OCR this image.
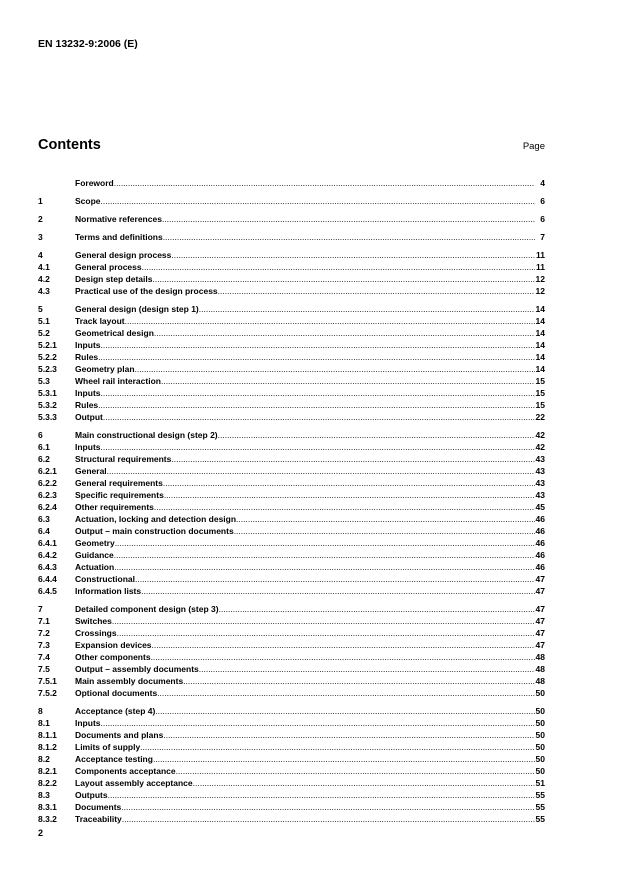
EN 13232-9:2006 (E)
Contents	Page
Foreword .....	4
1	Scope .....	6
2	Normative references .....	6
3	Terms and definitions .....	7
4	General design process .....	11
4.1	General process .....	11
4.2	Design step details .....	12
4.3	Practical use of the design process .....	12
5	General design (design step 1) .....	14
5.1	Track layout .....	14
5.2	Geometrical design .....	14
5.2.1	Inputs .....	14
5.2.2	Rules .....	14
5.2.3	Geometry plan .....	14
5.3	Wheel rail interaction .....	15
5.3.1	Inputs .....	15
5.3.2	Rules .....	15
5.3.3	Output .....	22
6	Main constructional design (step 2) .....	42
6.1	Inputs .....	42
6.2	Structural requirements .....	43
6.2.1	General .....	43
6.2.2	General requirements .....	43
6.2.3	Specific requirements .....	43
6.2.4	Other requirements .....	45
6.3	Actuation, locking and detection design .....	46
6.4	Output – main construction documents .....	46
6.4.1	Geometry .....	46
6.4.2	Guidance .....	46
6.4.3	Actuation .....	46
6.4.4	Constructional .....	47
6.4.5	Information lists .....	47
7	Detailed component design (step 3) .....	47
7.1	Switches .....	47
7.2	Crossings .....	47
7.3	Expansion devices .....	47
7.4	Other components .....	48
7.5	Output – assembly documents .....	48
7.5.1	Main assembly documents .....	48
7.5.2	Optional documents .....	50
8	Acceptance (step 4) .....	50
8.1	Inputs .....	50
8.1.1	Documents and plans .....	50
8.1.2	Limits of supply .....	50
8.2	Acceptance testing .....	50
8.2.1	Components acceptance .....	50
8.2.2	Layout assembly acceptance .....	51
8.3	Outputs .....	55
8.3.1	Documents .....	55
8.3.2	Traceability .....	55
2
